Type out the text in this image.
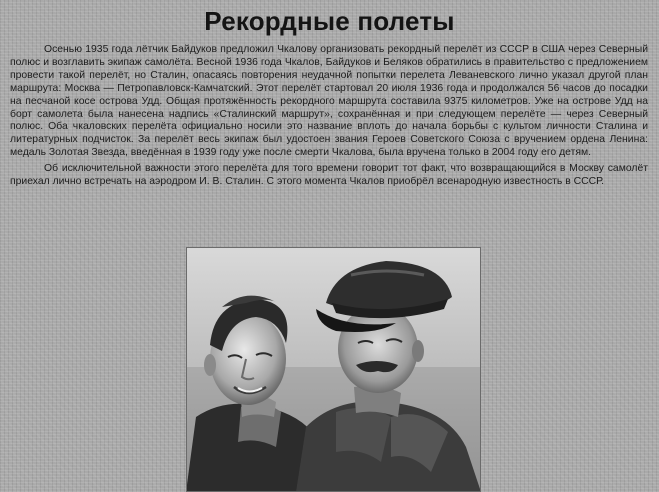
Рекордные полеты

Осенью 1935 года лётчик Байдуков предложил Чкалову организовать рекордный перелёт из СССР в США через Северный полюс и возглавить экипаж самолёта. Весной 1936 года Чкалов, Байдуков и Беляков обратились в правительство с предложением провести такой перелёт, но Сталин, опасаясь повторения неудачной попытки перелета Леваневского лично указал другой план маршрута: Москва — Петропавловск-Камчатский. Этот перелёт стартовал 20 июля 1936 года и продолжался 56 часов до посадки на песчаной косе острова Удд. Общая протяжённость рекордного маршрута составила 9375 километров. Уже на острове Удд на борт самолета была нанесена надпись «Сталинский маршрут», сохранённая и при следующем перелёте — через Северный полюс. Оба чкаловских перелёта официально носили это название вплоть до начала борьбы с культом личности Сталина и литературных подчисток. За перелёт весь экипаж был удостоен звания Героев Советского Союза с вручением ордена Ленина: медаль Золотая Звезда, введённая в 1939 году уже после смерти Чкалова, была вручена только в 2004 году его детям.

Об исключительной важности этого перелёта для того времени говорит тот факт, что возвращающийся в Москву самолёт приехал лично встречать на аэродром И. В. Сталин. С этого момента Чкалов приобрёл всенародную известность в СССР.
